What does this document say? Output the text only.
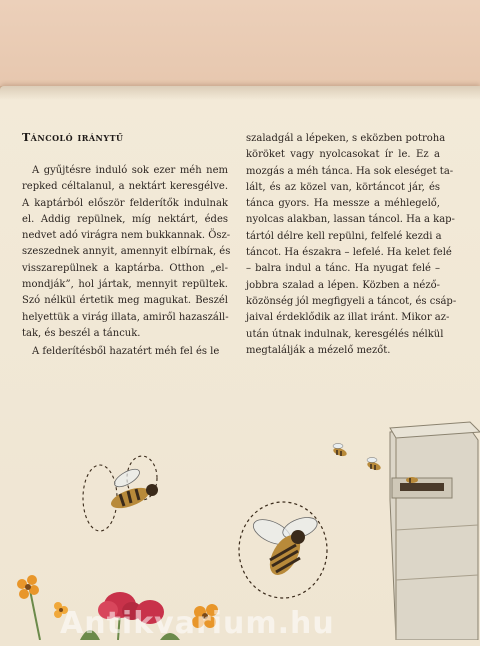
Táncoló iránytű
A gyűjtésre induló sok ezer méh nem
repked céltalanul, a nektárt keresgélve.
A kaptárból először felderítők indulnak
el. Addig repülnek, míg nektárt, édes
nedvet adó virágra nem bukkannak. Ösz-
szeszednek annyit, amennyit elbírnak, és
visszarepülnek a kaptárba. Otthon „el-
mondják”, hol jártak, mennyit repültek.
Szó nélkül értetik meg magukat. Beszél
helyettük a virág illata, amiről hazaszáll-
tak, és beszél a táncuk.
A felderítésből hazatért méh fel és le
szaladgál a lépeken, s eközben potroha
köröket vagy nyolcasokat ír le. Ez a
mozgás a méh tánca. Ha sok eleséget ta-
lált, és az közel van, körtáncot jár, és
tánca gyors. Ha messze a méhlegelő,
nyolcas alakban, lassan táncol. Ha a kap-
tártól délre kell repülni, felfelé kezdi a
táncot. Ha északra – lefelé. Ha kelet felé
– balra indul a tánc. Ha nyugat felé –
jobbra szalad a lépen. Közben a néző-
közönség jól megfigyeli a táncot, és csáp-
jaival érdeklődik az illat iránt. Mikor az-
után útnak indulnak, keresgélés nélkül
megtalálják a mézelő mezőt.
Antikvarium.hu
